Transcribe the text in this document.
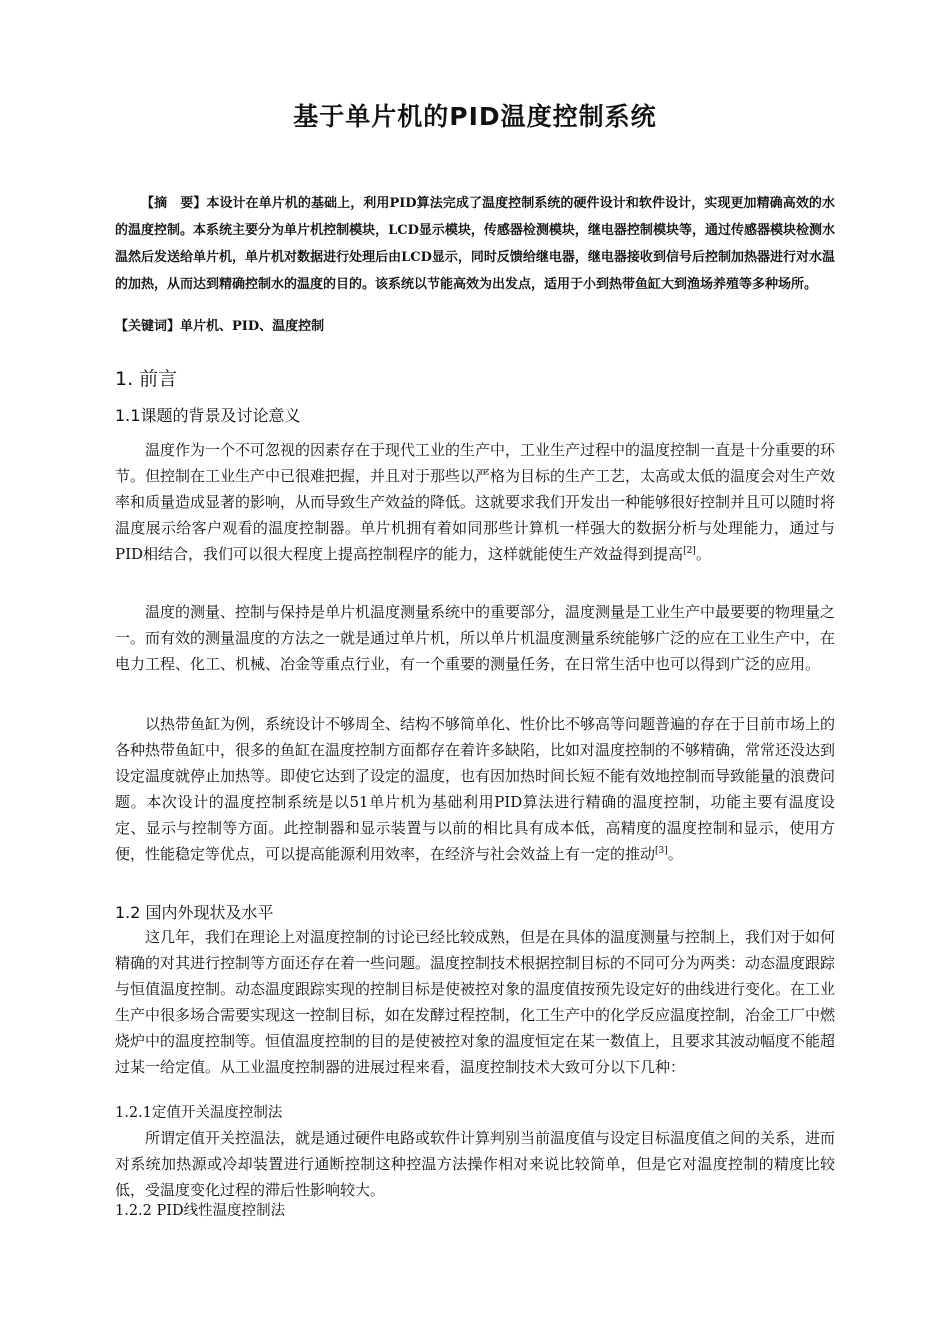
基于单片机的PID温度控制系统

【摘　要】本设计在单片机的基础上，利用PID算法完成了温度控制系统的硬件设计和软件设计，实现更加精确高效的水的温度控制。本系统主要分为单片机控制模块，LCD显示模块，传感器检测模块，继电器控制模块等，通过传感器模块检测水温然后发送给单片机，单片机对数据进行处理后由LCD显示，同时反馈给继电器，继电器接收到信号后控制加热器进行对水温的加热，从而达到精确控制水的温度的目的。该系统以节能高效为出发点，适用于小到热带鱼缸大到渔场养殖等多种场所。

【关键词】单片机、PID、温度控制

1. 前言
1.1课题的背景及讨论意义

温度作为一个不可忽视的因素存在于现代工业的生产中，工业生产过程中的温度控制一直是十分重要的环节。但控制在工业生产中已很难把握，并且对于那些以严格为目标的生产工艺，太高或太低的温度会对生产效率和质量造成显著的影响，从而导致生产效益的降低。这就要求我们开发出一种能够很好控制并且可以随时将温度展示给客户观看的温度控制器。单片机拥有着如同那些计算机一样强大的数据分析与处理能力，通过与PID相结合，我们可以很大程度上提高控制程序的能力，这样就能使生产效益得到提高[2]。

温度的测量、控制与保持是单片机温度测量系统中的重要部分，温度测量是工业生产中最要要的物理量之一。而有效的测量温度的方法之一就是通过单片机，所以单片机温度测量系统能够广泛的应在工业生产中，在电力工程、化工、机械、冶金等重点行业，有一个重要的测量任务，在日常生活中也可以得到广泛的应用。

以热带鱼缸为例，系统设计不够周全、结构不够简单化、性价比不够高等问题普遍的存在于目前市场上的各种热带鱼缸中，很多的鱼缸在温度控制方面都存在着许多缺陷，比如对温度控制的不够精确，常常还没达到设定温度就停止加热等。即使它达到了设定的温度，也有因加热时间长短不能有效地控制而导致能量的浪费问题。本次设计的温度控制系统是以51单片机为基础利用PID算法进行精确的温度控制，功能主要有温度设定、显示与控制等方面。此控制器和显示装置与以前的相比具有成本低，高精度的温度控制和显示，使用方便，性能稳定等优点，可以提高能源利用效率，在经济与社会效益上有一定的推动[3]。

1.2 国内外现状及水平

这几年，我们在理论上对温度控制的讨论已经比较成熟，但是在具体的温度测量与控制上，我们对于如何精确的对其进行控制等方面还存在着一些问题。温度控制技术根据控制目标的不同可分为两类：动态温度跟踪与恒值温度控制。动态温度跟踪实现的控制目标是使被控对象的温度值按预先设定好的曲线进行变化。在工业生产中很多场合需要实现这一控制目标，如在发酵过程控制，化工生产中的化学反应温度控制，冶金工厂中燃烧炉中的温度控制等。恒值温度控制的目的是使被控对象的温度恒定在某一数值上，且要求其波动幅度不能超过某一给定值。从工业温度控制器的进展过程来看，温度控制技术大致可分以下几种：

1.2.1定值开关温度控制法

所谓定值开关控温法，就是通过硬件电路或软件计算判别当前温度值与设定目标温度值之间的关系，进而对系统加热源或冷却装置进行通断控制这种控温方法操作相对来说比较简单，但是它对温度控制的精度比较低，受温度变化过程的滞后性影响较大。

1.2.2 PID线性温度控制法
